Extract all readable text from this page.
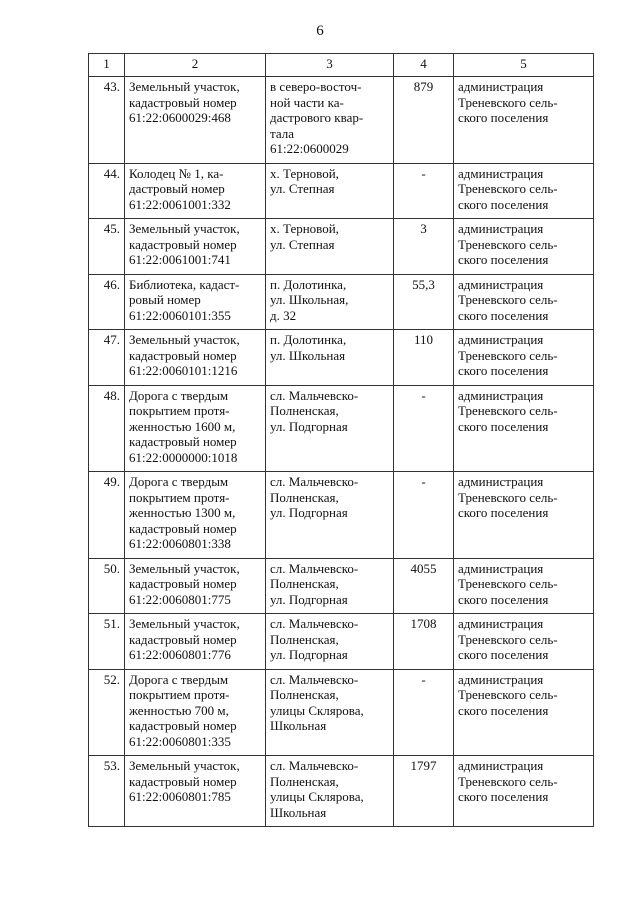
6
1	2	3	4	5
43.	Земельный участок,
кадастровый номер
61:22:0600029:468	в северо-восточ-
ной части ка-
дастрового квар-
тала
61:22:0600029	879	администрация
Треневского сель-
ского поселения

44.	Колодец № 1, ка-
дастровый номер
61:22:0061001:332	х. Терновой,
ул. Степная	-	администрация
Треневского сель-
ского поселения

45.	Земельный участок,
кадастровый номер
61:22:0061001:741	х. Терновой,
ул. Степная	3	администрация
Треневского сель-
ского поселения

46.	Библиотека, кадаст-
ровый номер
61:22:0060101:355	п. Долотинка,
ул. Школьная,
д. 32	55,3	администрация
Треневского сель-
ского поселения

47.	Земельный участок,
кадастровый номер
61:22:0060101:1216	п. Долотинка,
ул. Школьная	110	администрация
Треневского сель-
ского поселения

48.	Дорога с твердым
покрытием протя-
женностью 1600 м,
кадастровый номер
61:22:0000000:1018	сл. Мальчевско-
Полненская,
ул. Подгорная	-	администрация
Треневского сель-
ского поселения

49.	Дорога с твердым
покрытием протя-
женностью 1300 м,
кадастровый номер
61:22:0060801:338	сл. Мальчевско-
Полненская,
ул. Подгорная	-	администрация
Треневского сель-
ского поселения

50.	Земельный участок,
кадастровый номер
61:22:0060801:775	сл. Мальчевско-
Полненская,
ул. Подгорная	4055	администрация
Треневского сель-
ского поселения

51.	Земельный участок,
кадастровый номер
61:22:0060801:776	сл. Мальчевско-
Полненская,
ул. Подгорная	1708	администрация
Треневского сель-
ского поселения

52.	Дорога с твердым
покрытием протя-
женностью 700 м,
кадастровый номер
61:22:0060801:335	сл. Мальчевско-
Полненская,
улицы Склярова,
Школьная	-	администрация
Треневского сель-
ского поселения

53.	Земельный участок,
кадастровый номер
61:22:0060801:785	сл. Мальчевско-
Полненская,
улицы Склярова,
Школьная	1797	администрация
Треневского сель-
ского поселения
